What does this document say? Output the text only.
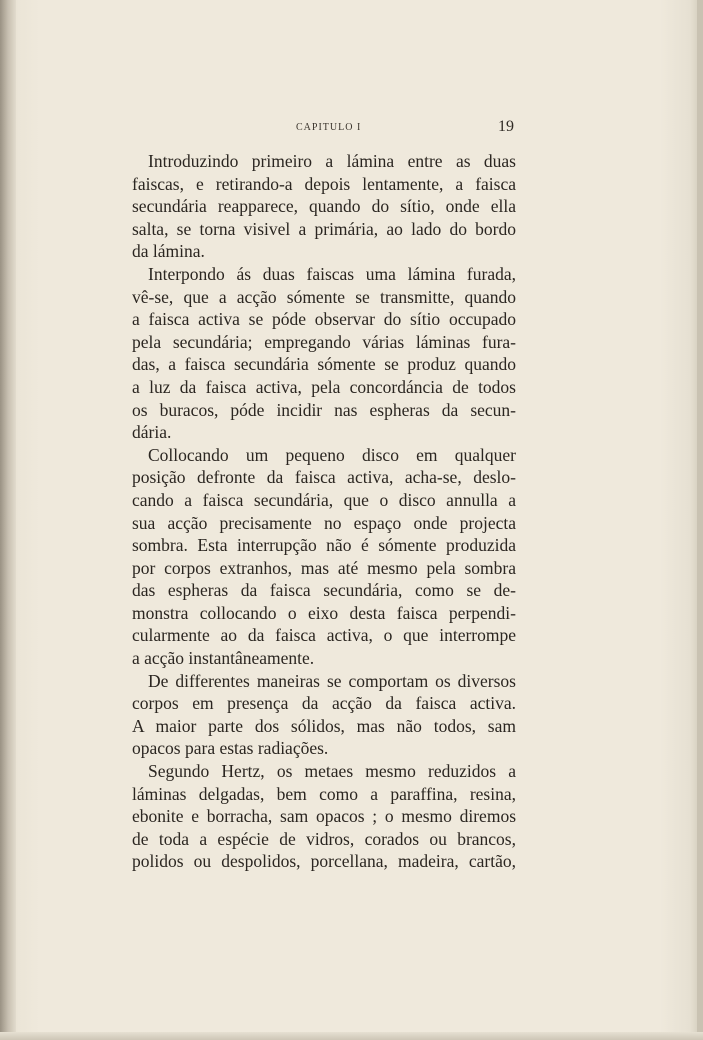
CAPITULO I	19

Introduzindo primeiro a lámina entre as duas
faiscas, e retirando-a depois lentamente, a faisca
secundária reapparece, quando do sítio, onde ella
salta, se torna visivel a primária, ao lado do bordo
da lámina.

Interpondo ás duas faiscas uma lámina furada,
vê-se, que a acção sómente se transmitte, quando
a faisca activa se póde observar do sítio occupado
pela secundária; empregando várias láminas fura-
das, a faisca secundária sómente se produz quando
a luz da faisca activa, pela concordáncia de todos
os buracos, póde incidir nas espheras da secun-
dária.

Collocando um pequeno disco em qualquer
posição defronte da faisca activa, acha-se, deslo-
cando a faisca secundária, que o disco annulla a
sua acção precisamente no espaço onde projecta
sombra. Esta interrupção não é sómente produzida
por corpos extranhos, mas até mesmo pela sombra
das espheras da faisca secundária, como se de-
monstra collocando o eixo desta faisca perpendi-
cularmente ao da faisca activa, o que interrompe
a acção instantâneamente.

De differentes maneiras se comportam os diversos
corpos em presença da acção da faisca activa.
A maior parte dos sólidos, mas não todos, sam
opacos para estas radiações.

Segundo Hertz, os metaes mesmo reduzidos a
láminas delgadas, bem como a paraffina, resina,
ebonite e borracha, sam opacos ; o mesmo diremos
de toda a espécie de vidros, corados ou brancos,
polidos ou despolidos, porcellana, madeira, cartão,
